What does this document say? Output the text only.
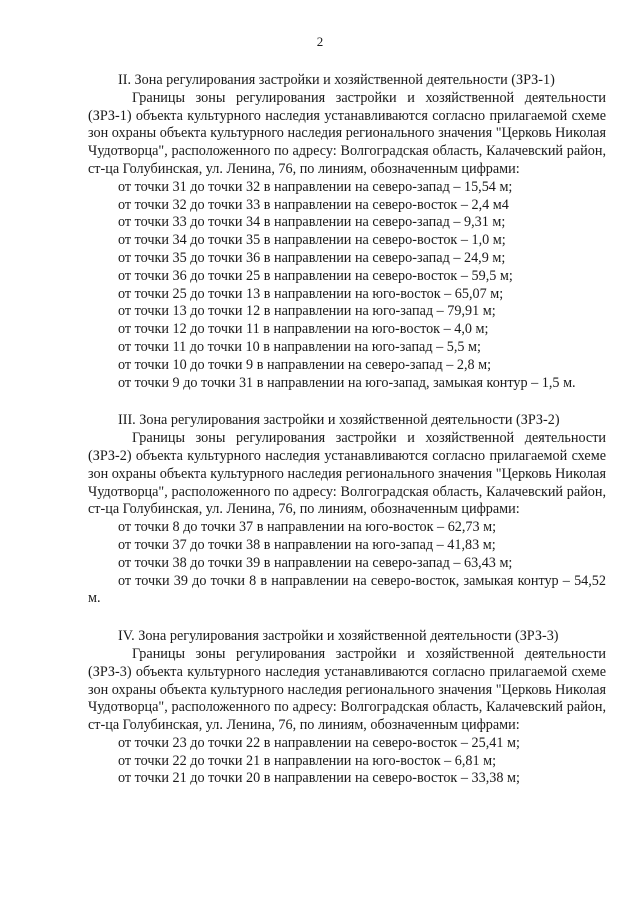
2
II. Зона регулирования застройки и хозяйственной деятельности (ЗРЗ-1)

Границы зоны регулирования застройки и хозяйственной деятельности (ЗРЗ-1) объекта культурного наследия устанавливаются согласно прилагаемой схеме зон охраны объекта культурного наследия регионального значения "Церковь Николая Чудотворца", расположенного по адресу: Волгоградская область, Калачевский район, ст-ца Голубинская, ул. Ленина, 76, по линиям, обозначенным цифрами:

от точки 31 до точки 32 в направлении на северо-запад – 15,54 м;
от точки 32 до точки 33 в направлении на северо-восток – 2,4 м4
от точки 33 до точки 34 в направлении на северо-запад – 9,31 м;
от точки 34 до точки 35 в направлении на северо-восток – 1,0 м;
от точки 35 до точки 36 в направлении на северо-запад – 24,9 м;
от точки 36 до точки 25 в направлении на северо-восток – 59,5 м;
от точки 25 до точки 13 в направлении на юго-восток – 65,07 м;
от точки 13 до точки 12 в направлении на юго-запад – 79,91 м;
от точки 12 до точки 11 в направлении на юго-восток – 4,0 м;
от точки 11 до точки 10 в направлении на юго-запад – 5,5 м;
от точки 10 до точки 9 в направлении на северо-запад – 2,8 м;

от точки 9 до точки 31 в направлении на юго-запад, замыкая контур – 1,5 м.

III. Зона регулирования застройки и хозяйственной деятельности (ЗРЗ-2)

Границы зоны регулирования застройки и хозяйственной деятельности (ЗРЗ-2) объекта культурного наследия устанавливаются согласно прилагаемой схеме зон охраны объекта культурного наследия регионального значения "Церковь Николая Чудотворца", расположенного по адресу: Волгоградская область, Калачевский район, ст-ца Голубинская, ул. Ленина, 76, по линиям, обозначенным цифрами:

от точки 8 до точки 37 в направлении на юго-восток – 62,73 м;
от точки 37 до точки 38 в направлении на юго-запад – 41,83 м;
от точки 38 до точки 39 в направлении на северо-запад – 63,43 м;

от точки 39 до точки 8 в направлении на северо-восток, замыкая контур – 54,52 м.

IV. Зона регулирования застройки и хозяйственной деятельности (ЗРЗ-3)

Границы зоны регулирования застройки и хозяйственной деятельности (ЗРЗ-3) объекта культурного наследия устанавливаются согласно прилагаемой схеме зон охраны объекта культурного наследия регионального значения "Церковь Николая Чудотворца", расположенного по адресу: Волгоградская область, Калачевский район, ст-ца Голубинская, ул. Ленина, 76, по линиям, обозначенным цифрами:

от точки 23 до точки 22 в направлении на северо-восток – 25,41 м;
от точки 22 до точки 21 в направлении на юго-восток – 6,81 м;
от точки 21 до точки 20 в направлении на северо-восток – 33,38 м;
